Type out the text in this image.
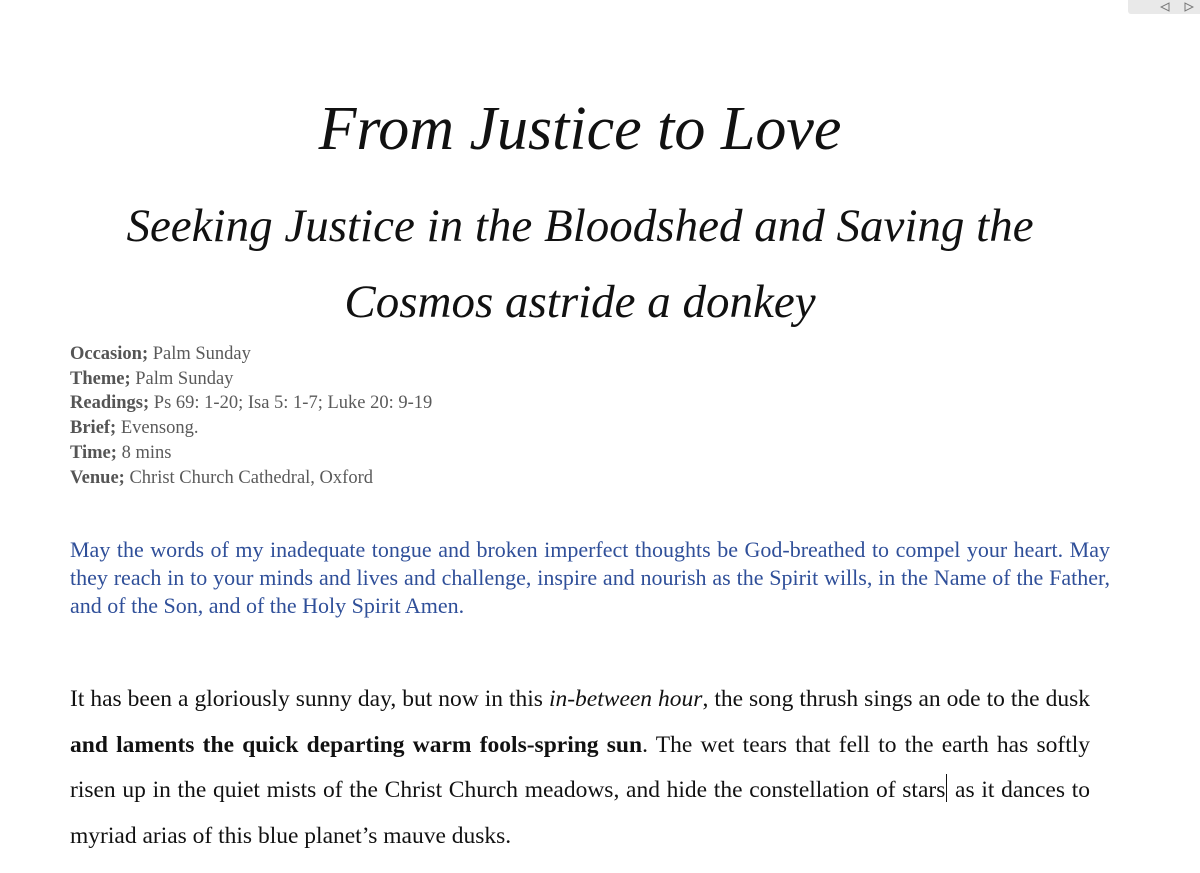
From Justice to Love
Seeking Justice in the Bloodshed and Saving the Cosmos astride a donkey
Occasion; Palm Sunday
Theme; Palm Sunday
Readings; Ps 69: 1-20; Isa 5: 1-7; Luke 20: 9-19
Brief; Evensong.
Time; 8 mins
Venue; Christ Church Cathedral, Oxford
May the words of my inadequate tongue and broken imperfect thoughts be God-breathed to compel your heart. May they reach in to your minds and lives and challenge, inspire and nourish as the Spirit wills, in the Name of the Father, and of the Son, and of the Holy Spirit Amen.
It has been a gloriously sunny day, but now in this in-between hour, the song thrush sings an ode to the dusk and laments the quick departing warm fools-spring sun. The wet tears that fell to the earth has softly risen up in the quiet mists of the Christ Church meadows, and hide the constellation of stars as it dances to myriad arias of this blue planet’s mauve dusks.
